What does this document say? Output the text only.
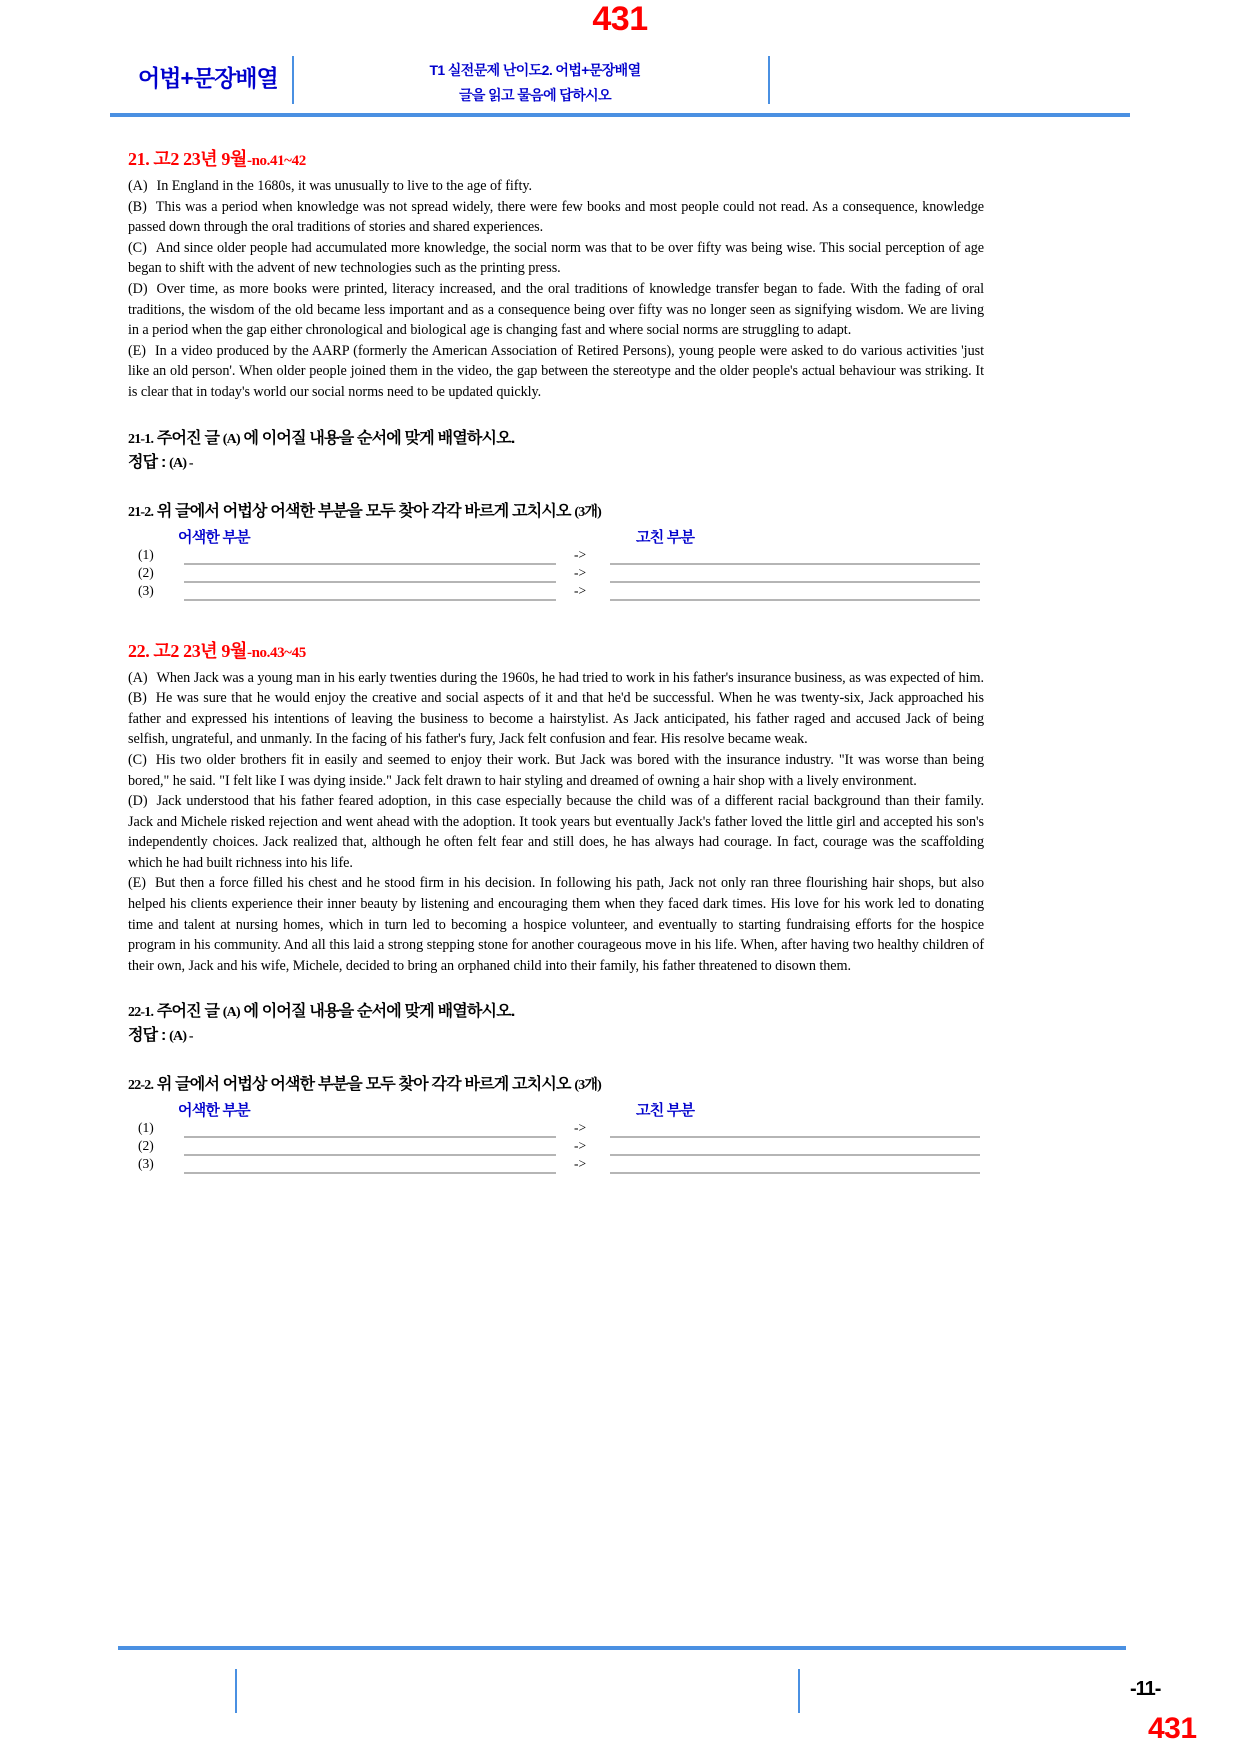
431
어법+문장배열	T1 실전문제 난이도2. 어법+문장배열
글을 읽고 물음에 답하시오

21. 고2 23년 9월-no.41~42

(A) In England in the 1680s, it was unusually to live to the age of fifty.

(B) This was a period when knowledge was not spread widely, there were few books and most people could not read. As a consequence, knowledge passed down through the oral traditions of stories and shared experiences.

(C) And since older people had accumulated more knowledge, the social norm was that to be over fifty was being wise. This social perception of age began to shift with the advent of new technologies such as the printing press.

(D) Over time, as more books were printed, literacy increased, and the oral traditions of knowledge transfer began to fade. With the fading of oral traditions, the wisdom of the old became less important and as a consequence being over fifty was no longer seen as signifying wisdom. We are living in a period when the gap either chronological and biological age is changing fast and where social norms are struggling to adapt.

(E) In a video produced by the AARP (formerly the American Association of Retired Persons), young people were asked to do various activities 'just like an old person'. When older people joined them in the video, the gap between the stereotype and the older people's actual behaviour was striking. It is clear that in today's world our social norms need to be updated quickly.

21-1. 주어진 글 (A) 에 이어질 내용을 순서에 맞게 배열하시오.

정답 : (A) -

21-2. 위 글에서 어법상 어색한 부분을 모두 찾아 각각 바르게 고치시오 (3개)

어색한 부분	고친 부분
(1)	->
(2)	->
(3)	->

22. 고2 23년 9월-no.43~45

(A) When Jack was a young man in his early twenties during the 1960s, he had tried to work in his father's insurance business, as was expected of him.

(B) He was sure that he would enjoy the creative and social aspects of it and that he'd be successful. When he was twenty-six, Jack approached his father and expressed his intentions of leaving the business to become a hairstylist. As Jack anticipated, his father raged and accused Jack of being selfish, ungrateful, and unmanly. In the facing of his father's fury, Jack felt confusion and fear. His resolve became weak.

(C) His two older brothers fit in easily and seemed to enjoy their work. But Jack was bored with the insurance industry. "It was worse than being bored," he said. "I felt like I was dying inside." Jack felt drawn to hair styling and dreamed of owning a hair shop with a lively environment.

(D) Jack understood that his father feared adoption, in this case especially because the child was of a different racial background than their family. Jack and Michele risked rejection and went ahead with the adoption. It took years but eventually Jack's father loved the little girl and accepted his son's independently choices. Jack realized that, although he often felt fear and still does, he has always had courage. In fact, courage was the scaffolding which he had built richness into his life.

(E) But then a force filled his chest and he stood firm in his decision. In following his path, Jack not only ran three flourishing hair shops, but also helped his clients experience their inner beauty by listening and encouraging them when they faced dark times. His love for his work led to donating time and talent at nursing homes, which in turn led to becoming a hospice volunteer, and eventually to starting fundraising efforts for the hospice program in his community. And all this laid a strong stepping stone for another courageous move in his life. When, after having two healthy children of their own, Jack and his wife, Michele, decided to bring an orphaned child into their family, his father threatened to disown them.

22-1. 주어진 글 (A) 에 이어질 내용을 순서에 맞게 배열하시오.

정답 : (A) -

22-2. 위 글에서 어법상 어색한 부분을 모두 찾아 각각 바르게 고치시오 (3개)

어색한 부분	고친 부분
(1)	->
(2)	->
(3)	->
-11-
431
